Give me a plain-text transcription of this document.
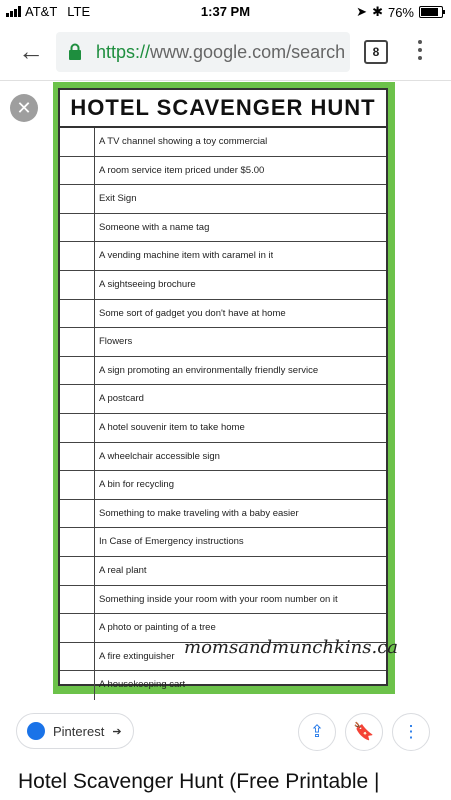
AT&T LTE	1:37 PM	➤ ✱ 76%
←	https://www.google.com/search	8
✕	HOTEL SCAVENGER HUNT
A TV channel showing a toy commercial
A room service item priced under $5.00
Exit Sign
Someone with a name tag
A vending machine item with caramel in it
A sightseeing brochure
Some sort of gadget you don't have at home
Flowers
A sign promoting an environmentally friendly service
A postcard
A hotel souvenir item to take home
A wheelchair accessible sign
A bin for recycling
Something to make traveling with a baby easier
In Case of Emergency instructions
A real plant
Something inside your room with your room number on it
A photo or painting of a tree
A fire extinguisher
A housekeeping cart
momsandmunchkins.ca
Pinterest ➔	⇪	🔖	⋮
Hotel Scavenger Hunt (Free Printable |
